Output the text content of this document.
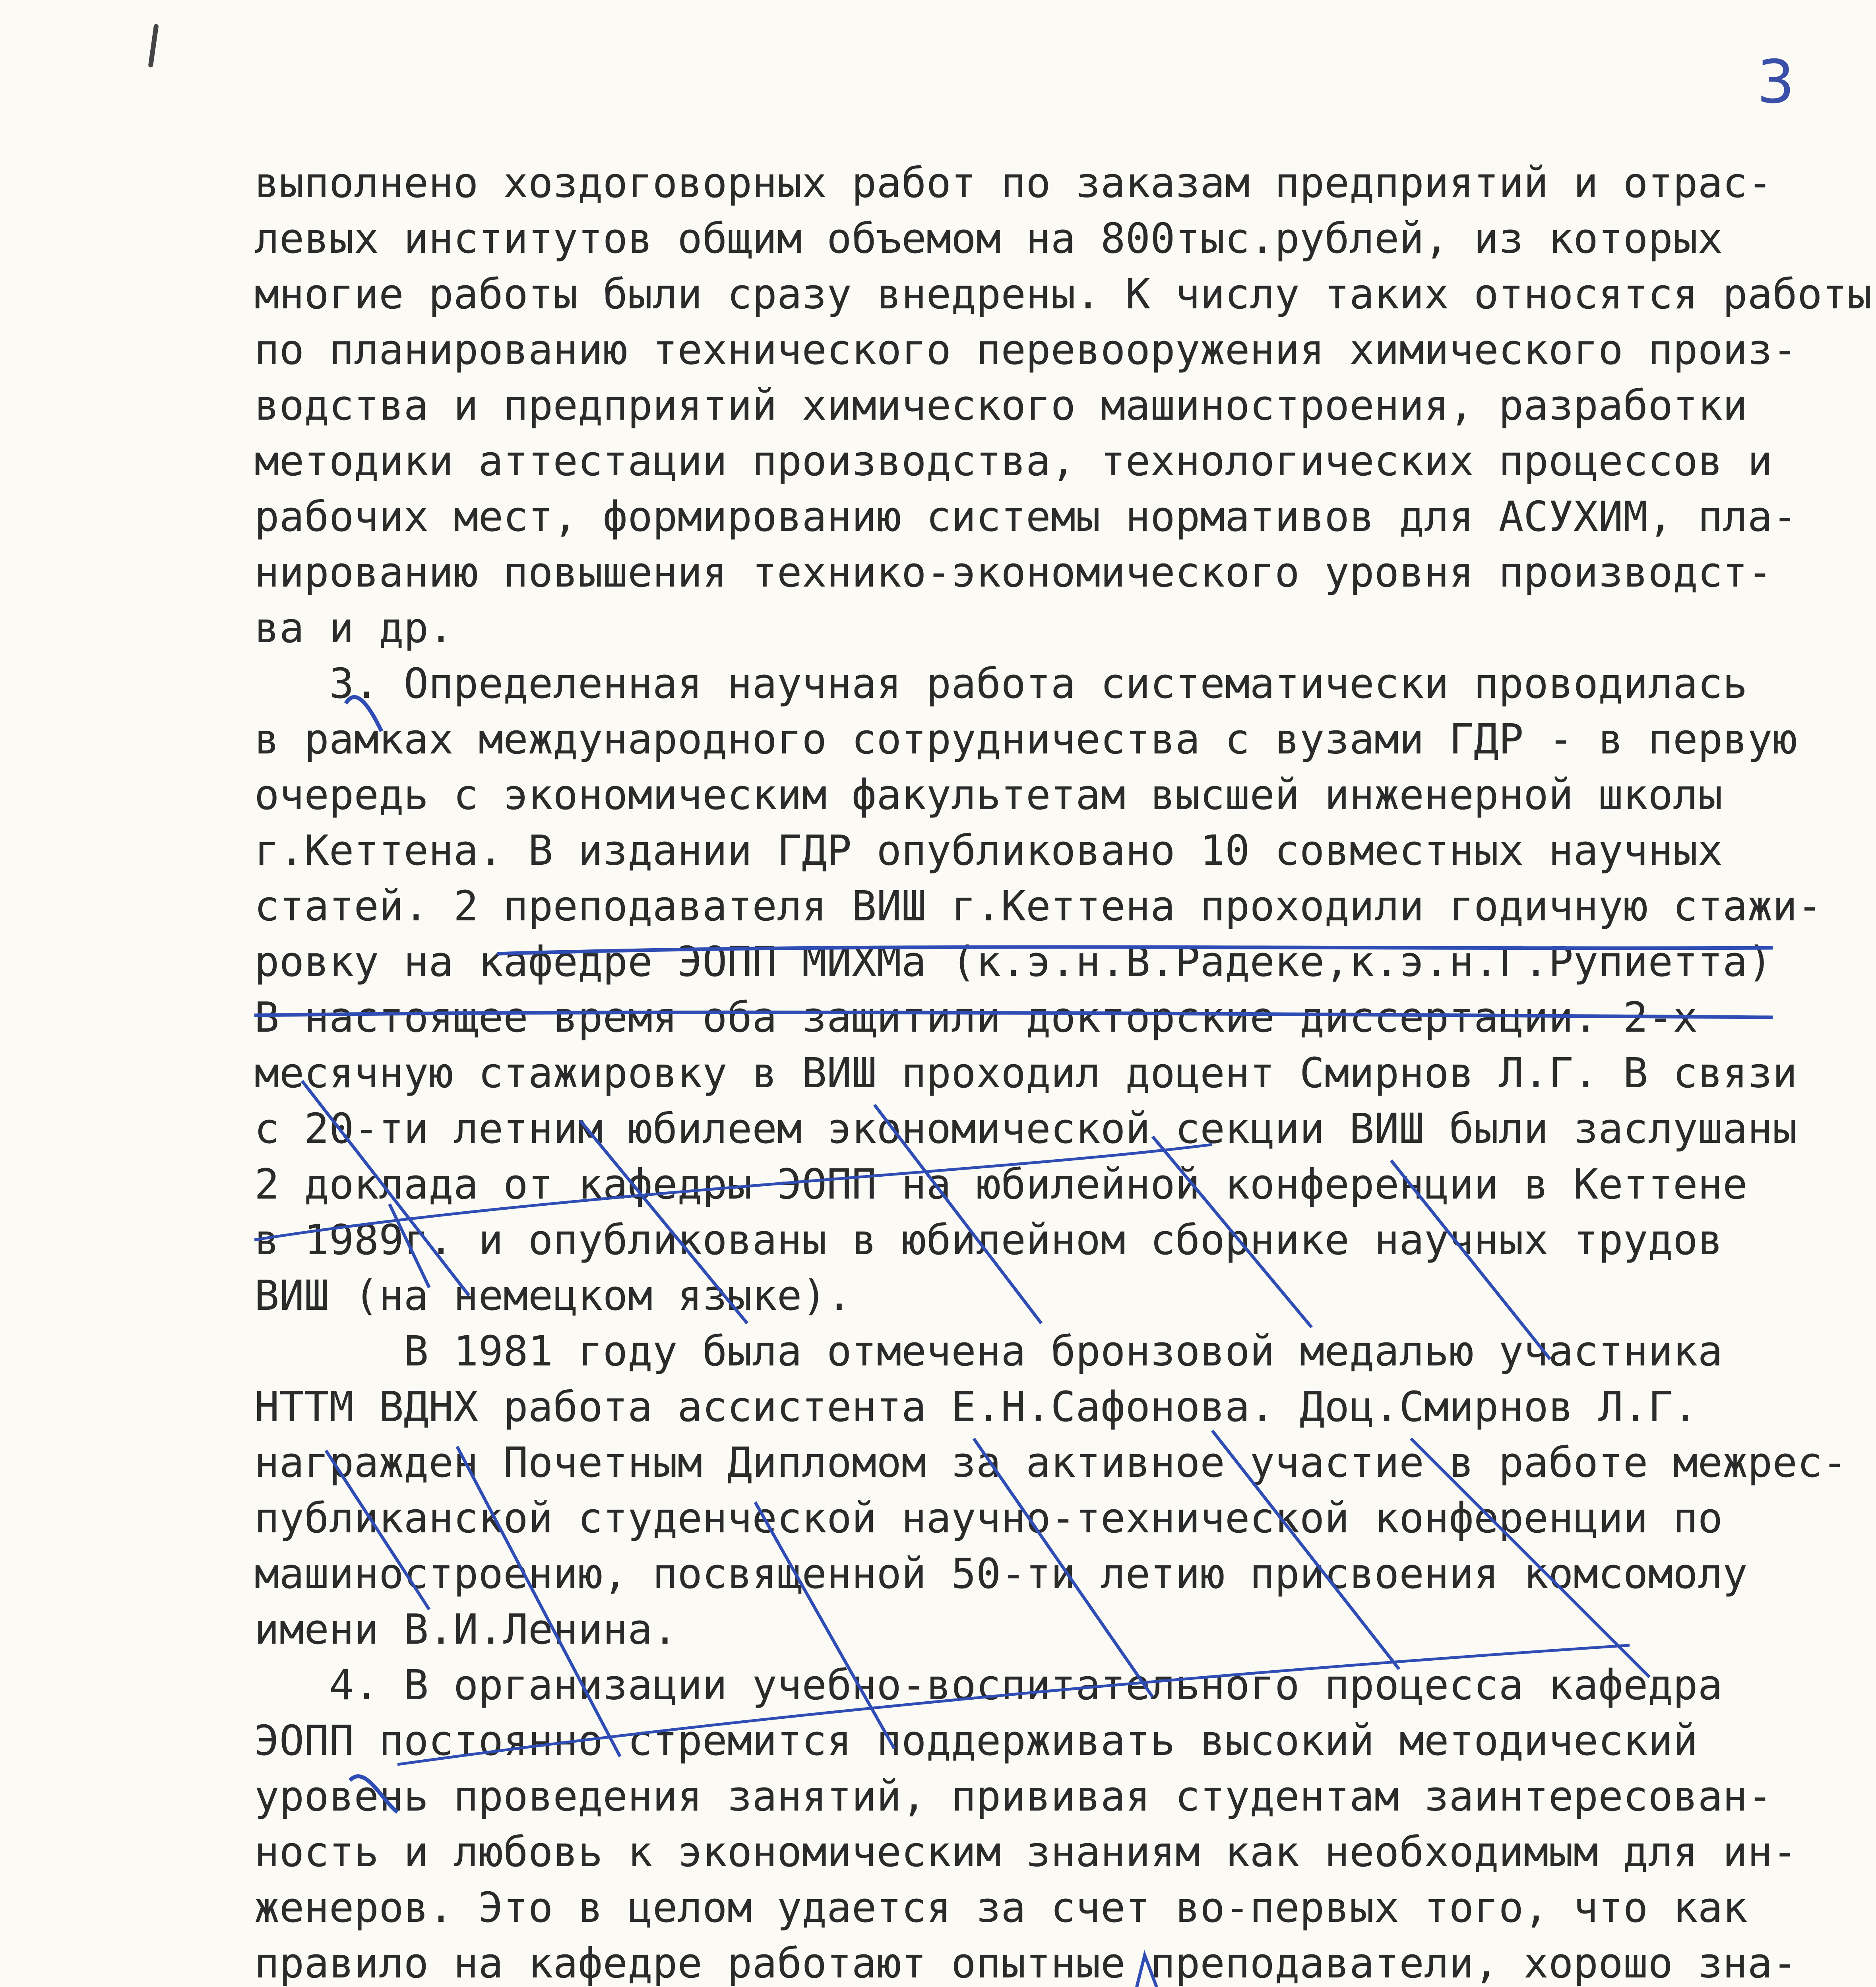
3
выполнено хоздоговорных работ по заказам предприятий и отрас-
левых институтов общим объемом на 800тыс.рублей, из которых
многие работы были сразу внедрены. К числу таких относятся работы
по планированию технического перевооружения химического произ-
водства и предприятий химического машиностроения, разработки
методики аттестации производства, технологических процессов и
рабочих мест, формированию системы нормативов для АСУХИМ, пла-
нированию повышения технико-экономического уровня производст-
ва и др.
3. Определенная научная работа систематически проводилась
в рамках международного сотрудничества с вузами ГДР - в первую
очередь с экономическим факультетам высшей инженерной школы
г.Кеттена. В издании ГДР опубликовано 10 совместных научных
статей. 2 преподавателя ВИШ г.Кеттена проходили годичную стажи-
ровку на кафедре ЭОПП МИХМа (к.э.н.В.Радеке,к.э.н.Г.Рупиетта)
В настоящее время оба защитили докторские диссертации. 2-х
месячную стажировку в ВИШ проходил доцент Смирнов Л.Г. В связи
с 20-ти летним юбилеем экономической секции ВИШ были заслушаны
2 доклада от кафедры ЭОПП на юбилейной конференции в Кеттене
в 1989г. и опубликованы в юбилейном сборнике научных трудов
ВИШ (на немецком языке).
В 1981 году была отмечена бронзовой медалью участника
НТТМ ВДНХ работа ассистента Е.Н.Сафонова. Доц.Смирнов Л.Г.
награжден Почетным Дипломом за активное участие в работе межрес-
публиканской студенческой научно-технической конференции по
машиностроению, посвященной 50-ти летию присвоения комсомолу
имени В.И.Ленина.
4. В организации учебно-воспитательного процесса кафедра
ЭОПП постоянно стремится поддерживать высокий методический
уровень проведения занятий, прививая студентам заинтересован-
ность и любовь к экономическим знаниям как необходимым для ин-
женеров. Это в целом удается за счет во-первых того, что как
правило на кафедре работают опытные преподаватели, хорошо зна-
